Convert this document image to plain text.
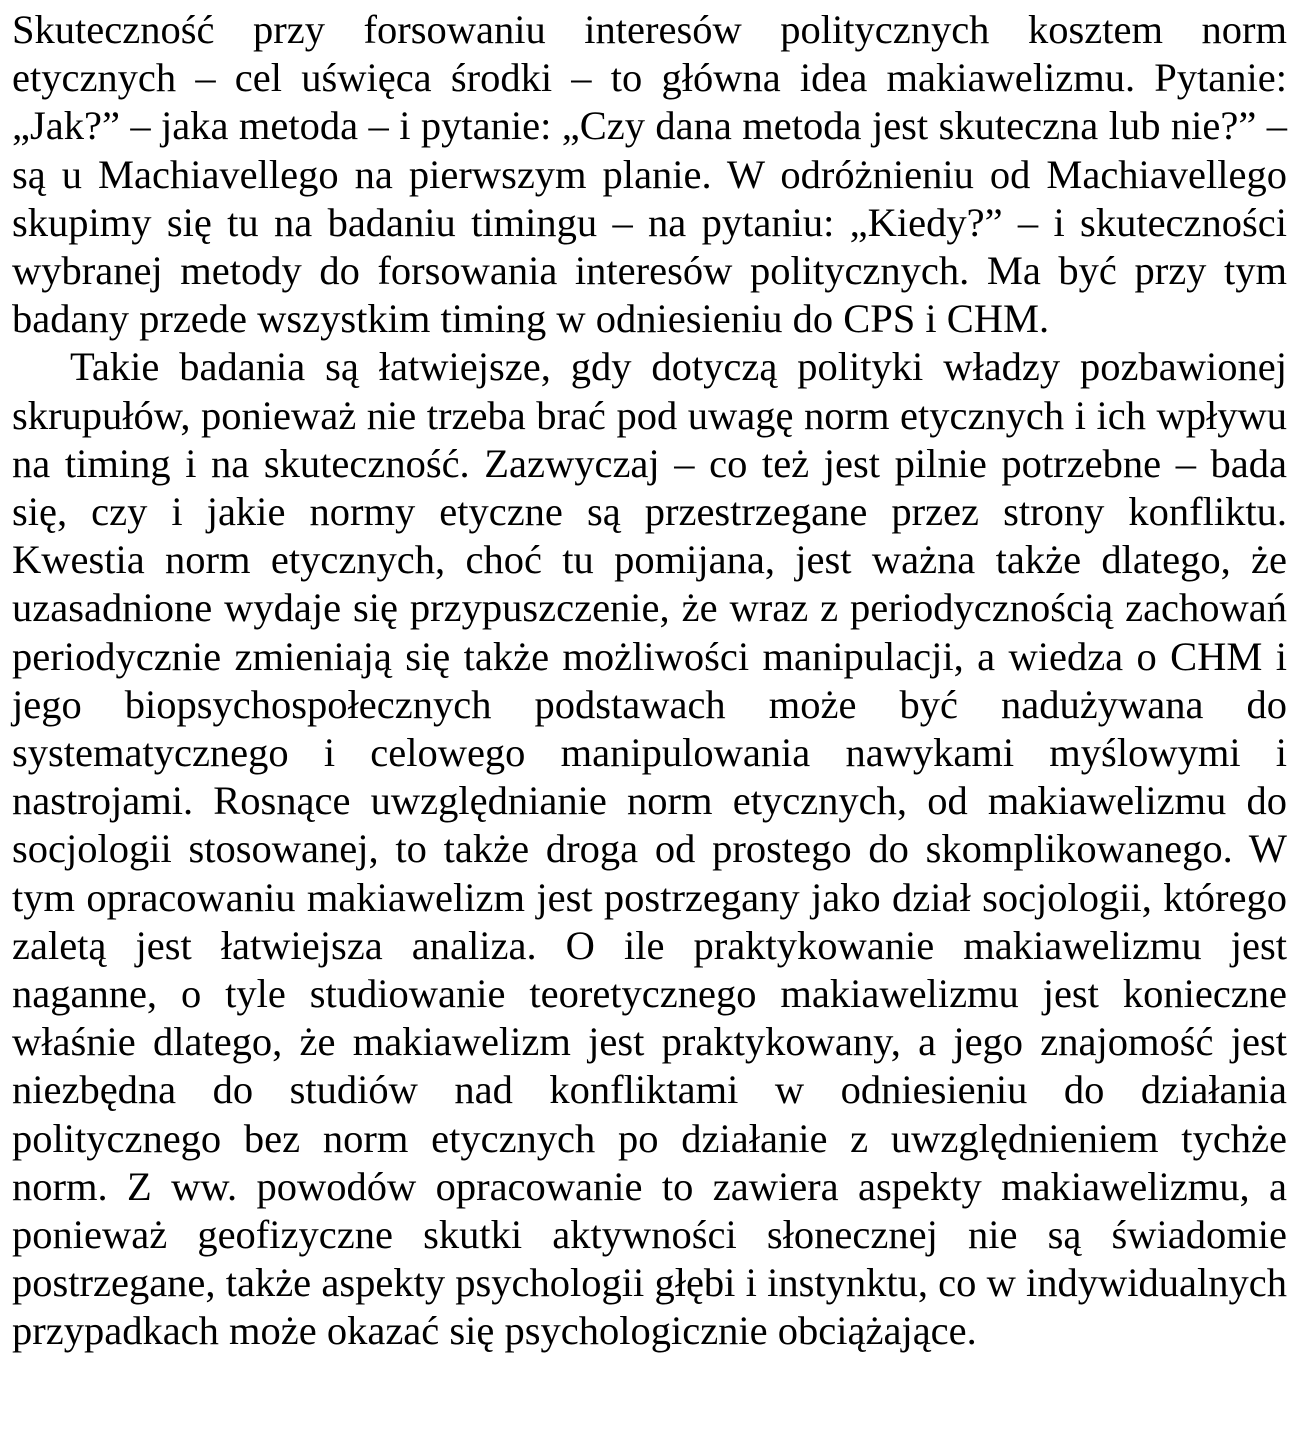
Skuteczność przy forsowaniu interesów politycznych kosztem norm etycznych – cel uświęca środki – to główna idea makiawelizmu. Pytanie: „Jak?” – jaka metoda – i pytanie: „Czy dana metoda jest skuteczna lub nie?” – są u Machiavellego na pierwszym planie. W odróżnieniu od Machiavellego skupimy się tu na badaniu timingu – na pytaniu: „Kiedy?” – i skuteczności wybranej metody do forsowania interesów politycznych. Ma być przy tym badany przede wszystkim timing w odniesieniu do CPS i CHM.

Takie badania są łatwiejsze, gdy dotyczą polityki władzy pozbawionej skrupułów, ponieważ nie trzeba brać pod uwagę norm etycznych i ich wpływu na timing i na skuteczność. Zazwyczaj – co też jest pilnie potrzebne – bada się, czy i jakie normy etyczne są przestrzegane przez strony konfliktu. Kwestia norm etycznych, choć tu pomijana, jest ważna także dlatego, że uzasadnione wydaje się przypuszczenie, że wraz z periodycznością zachowań periodycznie zmieniają się także możliwości manipulacji, a wiedza o CHM i jego biopsychospołecznych podstawach może być nadużywana do systematycznego i celowego manipulowania nawykami myślowymi i nastrojami. Rosnące uwzględnianie norm etycznych, od makiawelizmu do socjologii stosowanej, to także droga od prostego do skomplikowanego. W tym opracowaniu makiawelizm jest postrzegany jako dział socjologii, którego zaletą jest łatwiejsza analiza. O ile praktykowanie makiawelizmu jest naganne, o tyle studiowanie teoretycznego makiawelizmu jest konieczne właśnie dlatego, że makiawelizm jest praktykowany, a jego znajomość jest niezbędna do studiów nad konfliktami w odniesieniu do działania politycznego bez norm etycznych po działanie z uwzględnieniem tychże norm. Z ww. powodów opracowanie to zawiera aspekty makiawelizmu, a ponieważ geofizyczne skutki aktywności słonecznej nie są świadomie postrzegane, także aspekty psychologii głębi i instynktu, co w indywidualnych przypadkach może okazać się psychologicznie obciążające.
